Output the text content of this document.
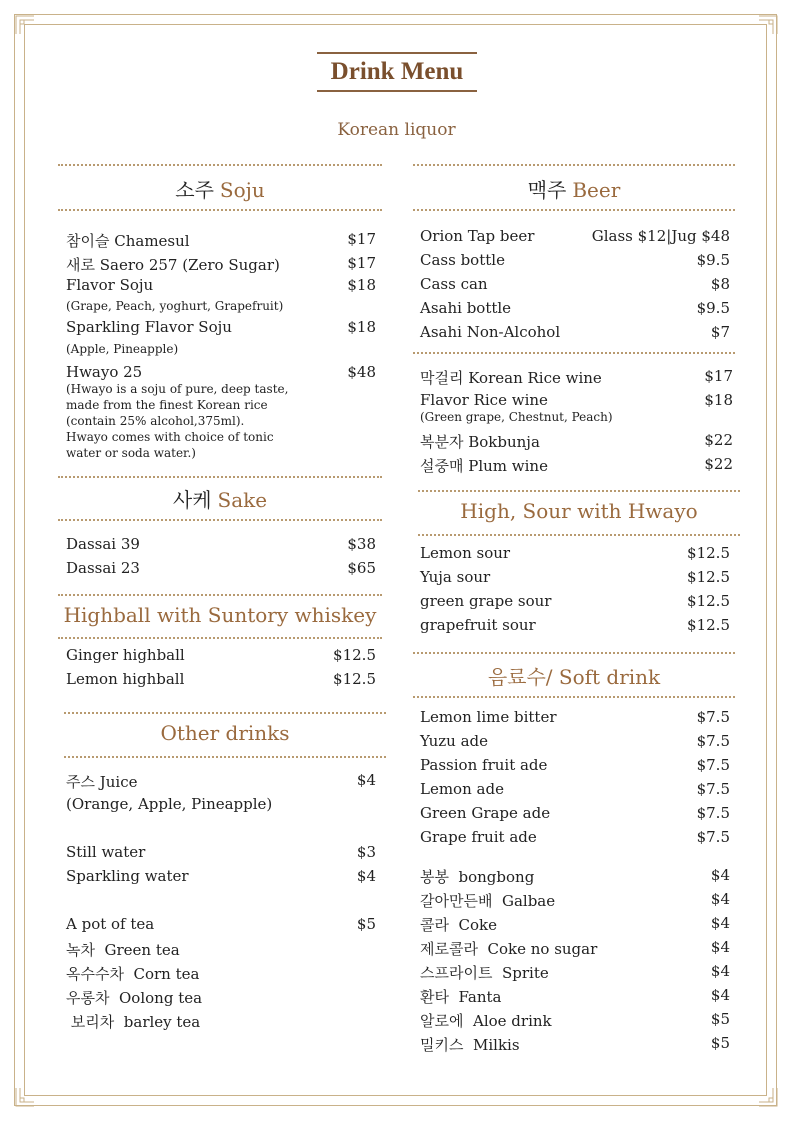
Drink Menu
Korean liquor
소주 Soju
참이슬 Chamesul	$17
새로 Saero 257 (Zero Sugar)	$17
Flavor Soju	$18
(Grape, Peach, yoghurt, Grapefruit)
Sparkling Flavor Soju	$18
(Apple, Pineapple)
Hwayo 25	$48
(Hwayo is a soju of pure, deep taste,
made from the finest Korean rice
(contain 25% alcohol,375ml).
Hwayo comes with choice of tonic
water or soda water.)
사케 Sake
Dassai 39	$38
Dassai 23	$65
Highball with Suntory whiskey
Ginger highball	$12.5
Lemon highball	$12.5
Other drinks
주스 Juice	$4
(Orange, Apple, Pineapple)
Still water	$3
Sparkling water	$4
A pot of tea	$5
녹차  Green tea
옥수수차  Corn tea
우롱차  Oolong tea
보리차  barley tea
맥주 Beer
Orion Tap beer	Glass $12|Jug $48
Cass bottle	$9.5
Cass can	$8
Asahi bottle	$9.5
Asahi Non-Alcohol	$7
막걸리 Korean Rice wine	$17
Flavor Rice wine	$18
(Green grape, Chestnut, Peach)
복분자 Bokbunja	$22
설중매 Plum wine	$22
High, Sour with Hwayo
Lemon sour	$12.5
Yuja sour	$12.5
green grape sour	$12.5
grapefruit sour	$12.5
음료수/ Soft drink
Lemon lime bitter	$7.5
Yuzu ade	$7.5
Passion fruit ade	$7.5
Lemon ade	$7.5
Green Grape ade	$7.5
Grape fruit ade	$7.5
봉봉  bongbong	$4
갈아만든배  Galbae	$4
콜라  Coke	$4
제로콜라  Coke no sugar	$4
스프라이트  Sprite	$4
환타  Fanta	$4
알로에  Aloe drink	$5
밀키스  Milkis	$5
